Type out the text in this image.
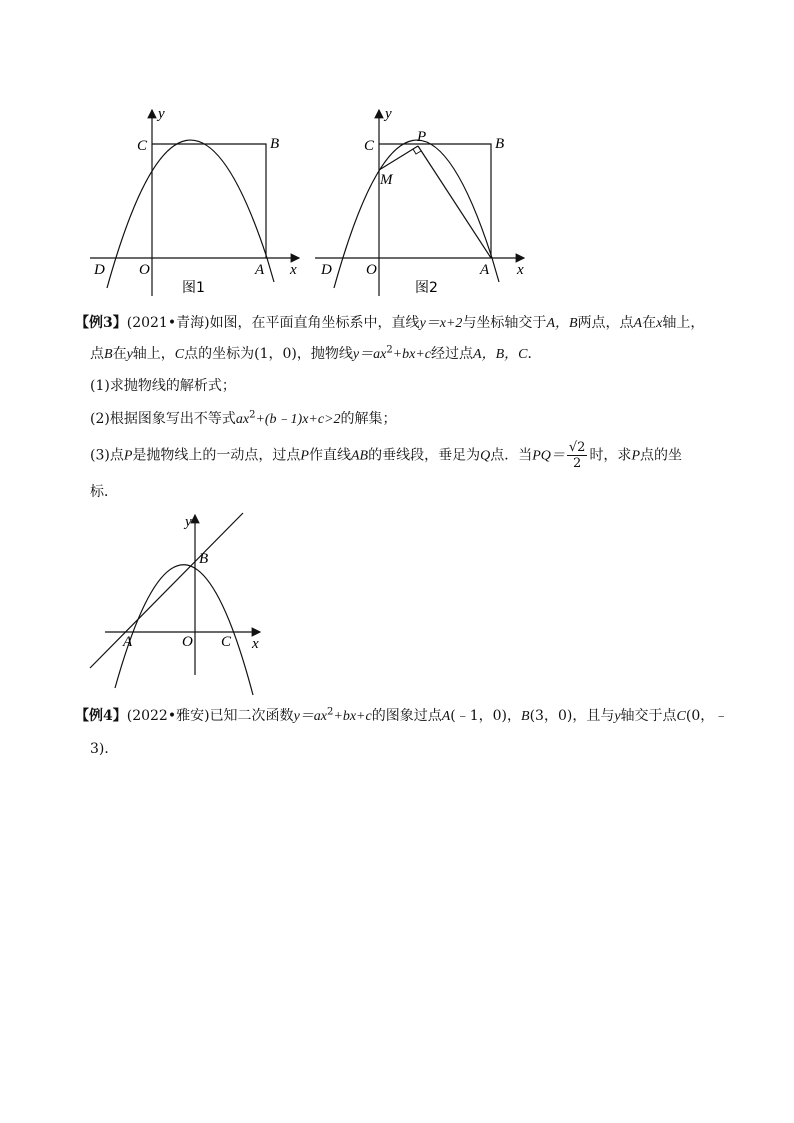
y
C	B
D O	A x
图1
y
C
P	B
M
D O	A x
图2
【例3】(2021•青海)如图，在平面直角坐标系中，直线y＝x+2与坐标轴交于A，B两点，点A在x轴上，
点B在y轴上，C点的坐标为(1，0)，抛物线$y=ax^2+bx+c$经过点A，B，C．
(1)求抛物线的解析式；
(2)根据图象写出不等式$ax^2+(b﹣1)x+c>2$的解集；
(3)点P是抛物线上的一动点，过点P作直线AB的垂线段，垂足为Q点．当$PQ= \frac{√2}{2}$ 时，求P点的坐
标．
y
B
A	O C x
【例4】(2022•雅安)已知二次函数$y=ax^2+bx+c$的图象过点A(﹣1，0)，B(3，0)，且与y轴交于点C(0，﹣
3)．
